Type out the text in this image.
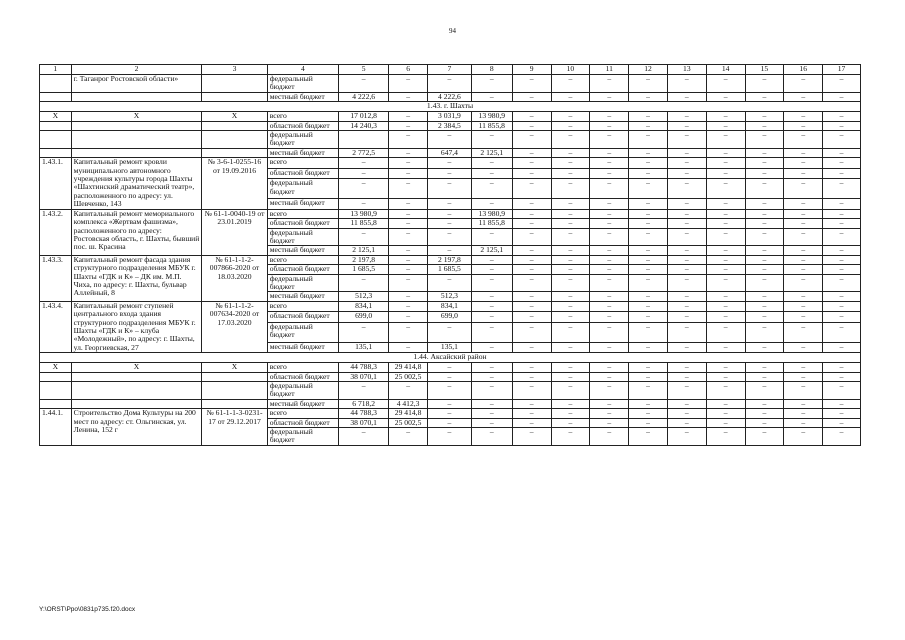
94
1	2	3	4	5	6	7	8	9	10	11	12	13	14	15	16	17
	г. Таганрог Ростовской области»		федеральный бюджет	–	–	–	–	–	–	–	–	–	–	–	–	–
			местный бюджет	4 222,6	–	4 222,6	–	–	–	–	–	–	–	–	–	–
1.43. г. Шахты																
X	X	X	всего	17 012,8	–	3 031,9	13 980,9	–	–	–	–	–	–	–	–	–
			областной бюджет	14 240,3	–	2 384,5	11 855,8	–	–	–	–	–	–	–	–	–
			федеральный бюджет		–	–	–	–	–	–	–	–	–	–	–	–
			местный бюджет	2 772,5	–	647,4	2 125,1	–	–	–	–	–	–	–	–	–
1.43.1.	Капитальный ремонт кровли муниципального автономного учреждения культуры города Шахты «Шахтинский драматический театр», расположенного по адресу: ул. Шевченко, 143	№ 3-6-1-0255-16 от 19.09.2016	всего	–	–	–	–	–	–	–	–	–	–	–	–	–
			областной бюджет	–	–	–	–	–	–	–	–	–	–	–	–	–
			федеральный бюджет	–	–	–	–	–	–	–	–	–	–	–	–	–
			местный бюджет	–	–	–	–	–	–	–	–	–	–	–	–	–
1.43.2.	Капитальный ремонт мемориального комплекса «Жертвам фашизма», расположенного по адресу: Ростовская область, г. Шахты, бывший пос. ш. Красина	№ 61-1-0040-19 от 23.01.2019	всего	13 980,9	–	–	13 980,9	–	–	–	–	–	–	–	–	–
			областной бюджет	11 855,8	–	–	11 855,8	–	–	–	–	–	–	–	–	–
			федеральный бюджет	–	–	–	–	–	–	–	–	–	–	–	–	–
			местный бюджет	2 125,1	–	–	2 125,1	–	–	–	–	–	–	–	–	–
1.43.3.	Капитальный ремонт фасада здания структурного подразделения МБУК г. Шахты «ГДК и К» – ДК им. М.П. Чиха, по адресу: г. Шахты, бульвар Аллейный, 8	№ 61-1-1-2-007866-2020 от 18.03.2020	всего	2 197,8	–	2 197,8	–	–	–	–	–	–	–	–	–	–
			областной бюджет	1 685,5	–	1 685,5	–	–	–	–	–	–	–	–	–	–
			федеральный бюджет	–	–	–	–	–	–	–	–	–	–	–	–	–
			местный бюджет	512,3	–	512,3	–	–	–	–	–	–	–	–	–	–
1.43.4.	Капитальный ремонт ступеней центрального входа здания структурного подразделения МБУК г. Шахты «ГДК и К» – клуба «Молодежный», по адресу: г. Шахты, ул. Георгиевская, 27	№ 61-1-1-2-007634-2020 от 17.03.2020	всего	834,1	–	834,1	–	–	–	–	–	–	–	–	–	–
			областной бюджет	699,0	–	699,0	–	–	–	–	–	–	–	–	–	–
			федеральный бюджет	–	–	–	–	–	–	–	–	–	–	–	–	–
			местный бюджет	135,1	–	135,1	–	–	–	–	–	–	–	–	–	–
1.44. Аксайский район																
X	X	X	всего	44 788,3	29 414,8	–	–	–	–	–	–	–	–	–	–	–
			областной бюджет	38 070,1	25 002,5	–	–	–	–	–	–	–	–	–	–	–
			федеральный бюджет	–	–	–	–	–	–	–	–	–	–	–	–	–
			местный бюджет	6 718,2	4 412,3	–	–	–	–	–	–	–	–	–	–	–
1.44.1.	Строительство Дома Культуры на 200 мест по адресу: ст. Ольгинская, ул. Ленина, 152 г	№ 61-1-1-3-0231-17 от 29.12.2017	всего	44 788,3	29 414,8	–	–	–	–	–	–	–	–	–	–	–
			областной бюджет	38 070,1	25 002,5	–	–	–	–	–	–	–	–	–	–	–
			федеральный бюджет	–	–	–	–	–	–	–	–	–	–	–	–	–
Y:\ORST\Ppo\0831p735.f20.docx
